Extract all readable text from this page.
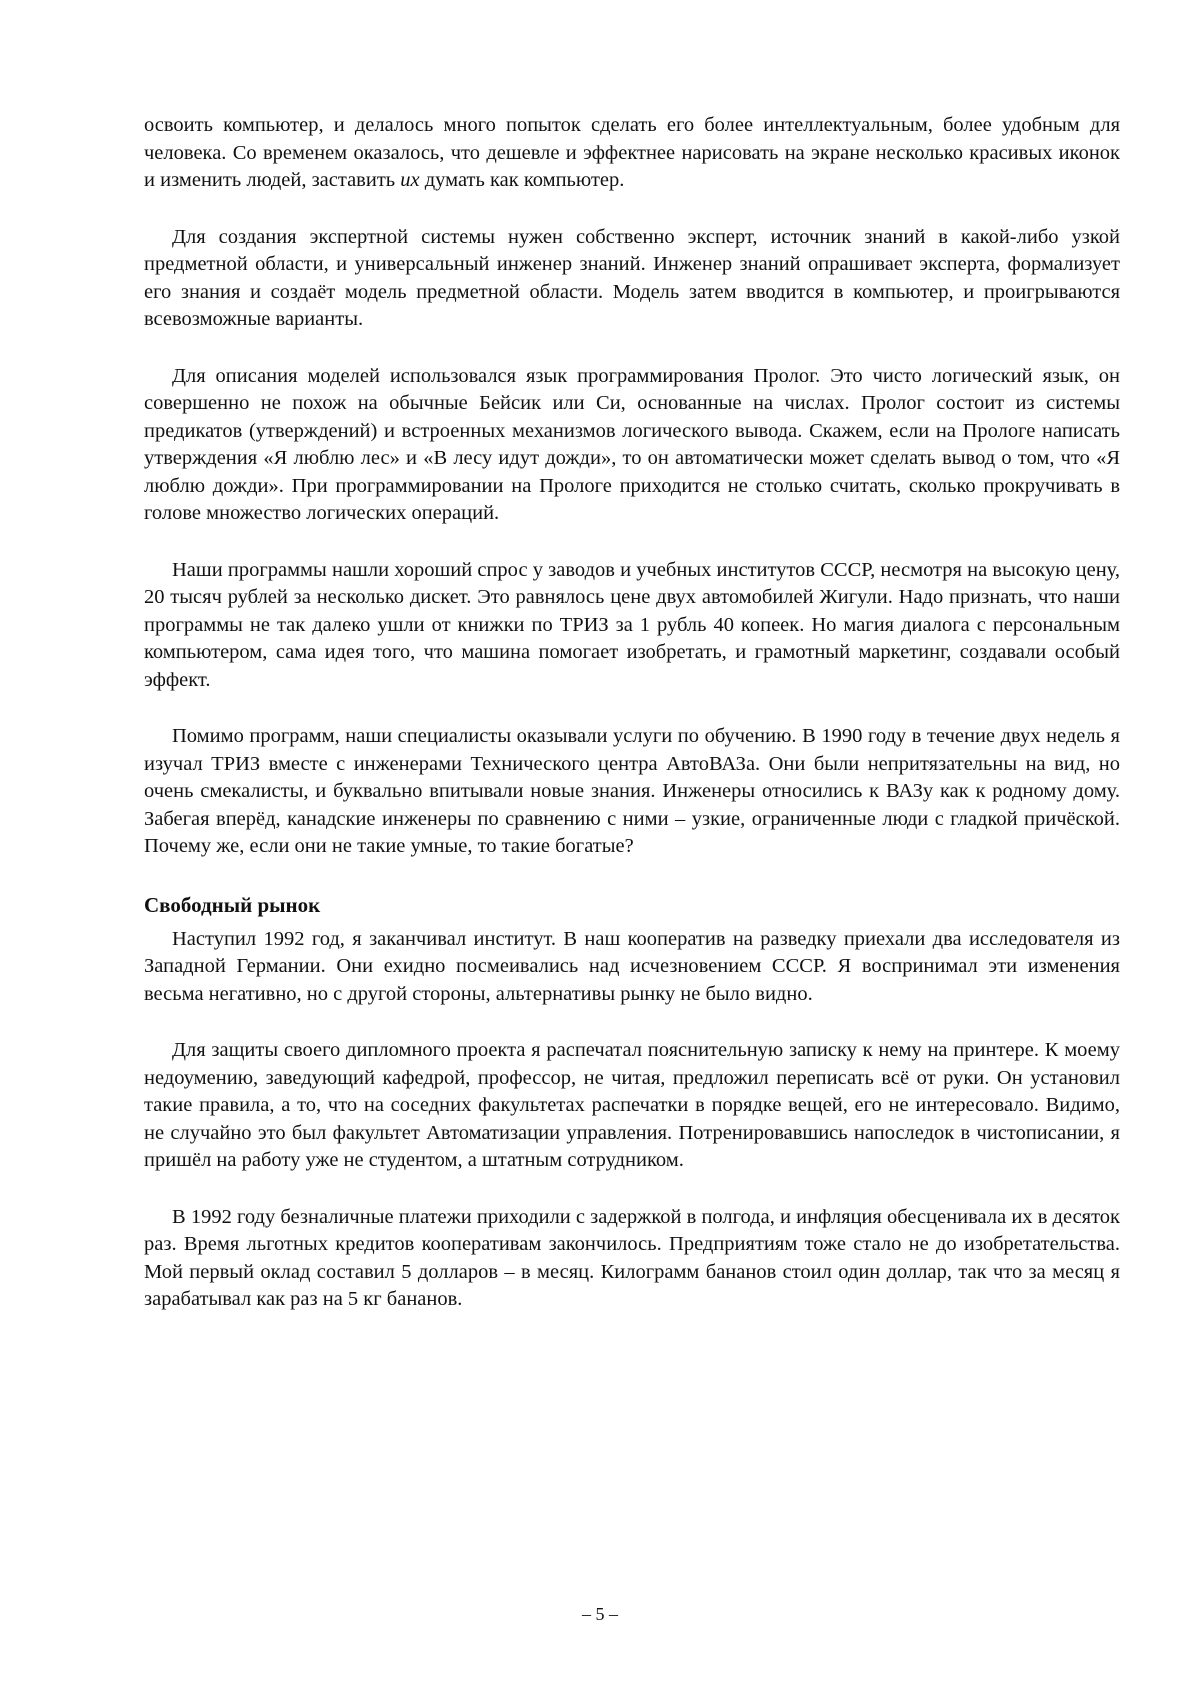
освоить компьютер, и делалось много попыток сделать его более интеллектуальным, более удобным для человека. Со временем оказалось, что дешевле и эффектнее нарисовать на экране несколько красивых иконок и изменить людей, заставить их думать как компьютер.

Для создания экспертной системы нужен собственно эксперт, источник знаний в какой-либо узкой предметной области, и универсальный инженер знаний. Инженер знаний опрашивает эксперта, формализует его знания и создаёт модель предметной области. Модель затем вводится в компьютер, и проигрываются всевозможные варианты.

Для описания моделей использовался язык программирования Пролог. Это чисто логический язык, он совершенно не похож на обычные Бейсик или Си, основанные на числах. Пролог состоит из системы предикатов (утверждений) и встроенных механизмов логического вывода. Скажем, если на Прологе написать утверждения «Я люблю лес» и «В лесу идут дожди», то он автоматически может сделать вывод о том, что «Я люблю дожди». При программировании на Прологе приходится не столько считать, сколько прокручивать в голове множество логических операций.

Наши программы нашли хороший спрос у заводов и учебных институтов СССР, несмотря на высокую цену, 20 тысяч рублей за несколько дискет. Это равнялось цене двух автомобилей Жигули. Надо признать, что наши программы не так далеко ушли от книжки по ТРИЗ за 1 рубль 40 копеек. Но магия диалога с персональным компьютером, сама идея того, что машина помогает изобретать, и грамотный маркетинг, создавали особый эффект.

Помимо программ, наши специалисты оказывали услуги по обучению. В 1990 году в течение двух недель я изучал ТРИЗ вместе с инженерами Технического центра АвтоВАЗа. Они были непритязательны на вид, но очень смекалисты, и буквально впитывали новые знания. Инженеры относились к ВАЗу как к родному дому. Забегая вперёд, канадские инженеры по сравнению с ними – узкие, ограниченные люди с гладкой причёской. Почему же, если они не такие умные, то такие богатые?

Свободный рынок

Наступил 1992 год, я заканчивал институт. В наш кооператив на разведку приехали два исследователя из Западной Германии. Они ехидно посмеивались над исчезновением СССР. Я воспринимал эти изменения весьма негативно, но с другой стороны, альтернативы рынку не было видно.

Для защиты своего дипломного проекта я распечатал пояснительную записку к нему на принтере. К моему недоумению, заведующий кафедрой, профессор, не читая, предложил переписать всё от руки. Он установил такие правила, а то, что на соседних факультетах распечатки в порядке вещей, его не интересовало. Видимо, не случайно это был факультет Автоматизации управления. Потренировавшись напоследок в чистописании, я пришёл на работу уже не студентом, а штатным сотрудником.

В 1992 году безналичные платежи приходили с задержкой в полгода, и инфляция обесценивала их в десяток раз. Время льготных кредитов кооперативам закончилось. Предприятиям тоже стало не до изобретательства. Мой первый оклад составил 5 долларов – в месяц. Килограмм бананов стоил один доллар, так что за месяц я зарабатывал как раз на 5 кг бананов.

– 5 –
